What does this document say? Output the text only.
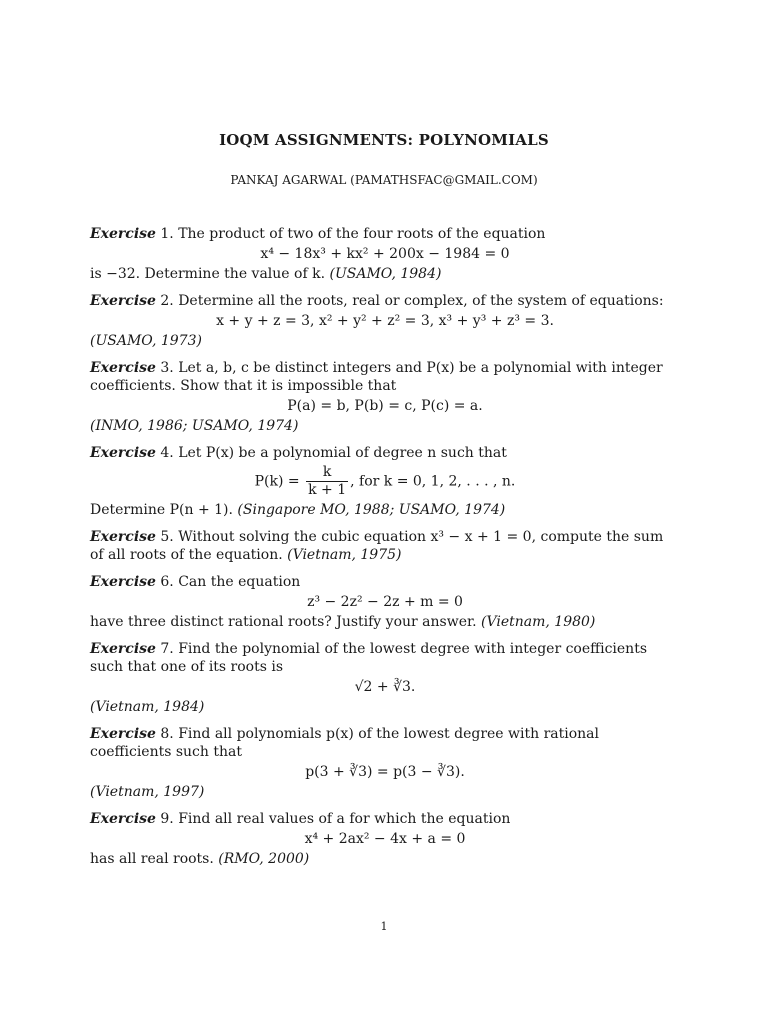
IOQM ASSIGNMENTS: POLYNOMIALS
PANKAJ AGARWAL (PAMATHSFAC@GMAIL.COM)
Exercise 1. The product of two of the four roots of the equation
x⁴ − 18x³ + kx² + 200x − 1984 = 0
is −32. Determine the value of k. (USAMO, 1984)
Exercise 2. Determine all the roots, real or complex, of the system of equations:
x + y + z = 3, x² + y² + z² = 3, x³ + y³ + z³ = 3.
(USAMO, 1973)
Exercise 3. Let a, b, c be distinct integers and P(x) be a polynomial with integer coefficients. Show that it is impossible that
P(a) = b, P(b) = c, P(c) = a.
(INMO, 1986; USAMO, 1974)
Exercise 4. Let P(x) be a polynomial of degree n such that
$P(k) = \frac{k}{k + 1}$ , for k = 0, 1, 2, . . . , n.
Determine P(n + 1). (Singapore MO, 1988; USAMO, 1974)
Exercise 5. Without solving the cubic equation x³ − x + 1 = 0, compute the sum of all roots of the equation. (Vietnam, 1975)
Exercise 6. Can the equation
z³ − 2z² − 2z + m = 0
have three distinct rational roots? Justify your answer. (Vietnam, 1980)
Exercise 7. Find the polynomial of the lowest degree with integer coefficients such that one of its roots is
√2 + ∛3.
(Vietnam, 1984)
Exercise 8. Find all polynomials p(x) of the lowest degree with rational coefficients such that
p(3 + ∛3) = p(3 − ∛3).
(Vietnam, 1997)
Exercise 9. Find all real values of a for which the equation
x⁴ + 2ax² − 4x + a = 0
has all real roots. (RMO, 2000)
1
